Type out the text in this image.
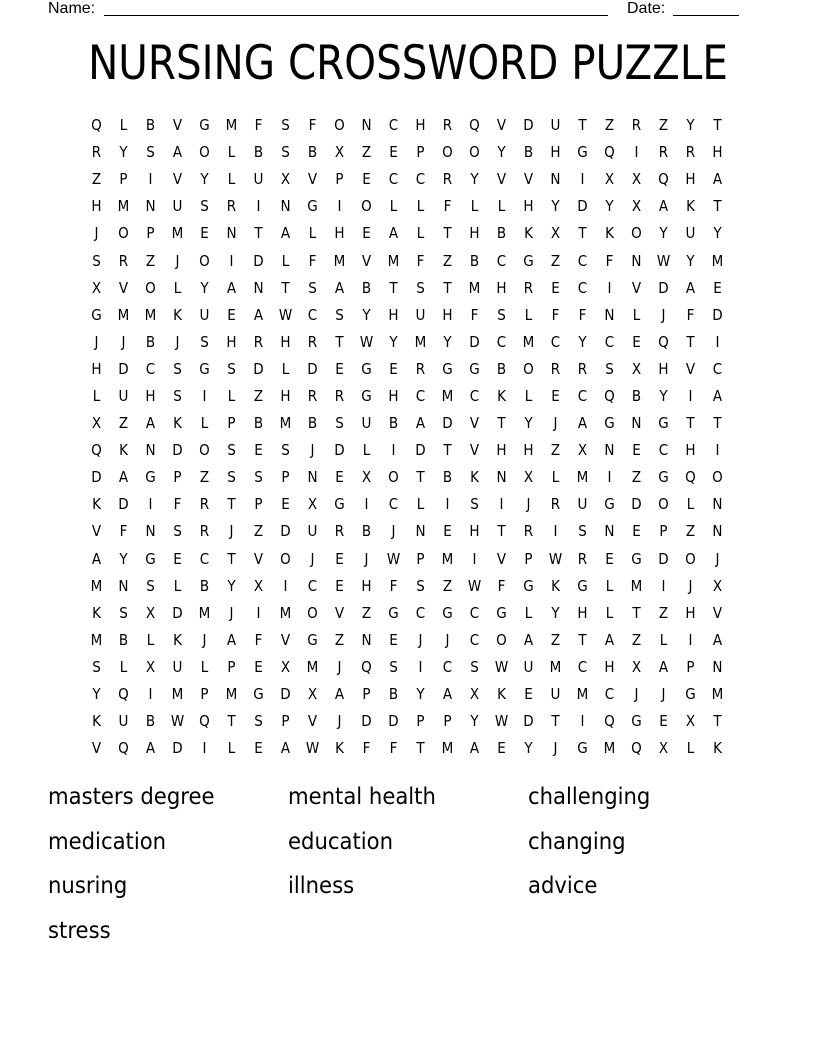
Name:	Date:
NURSING CROSSWORD PUZZLE
Q	L	B	V	G	M	F	S	F	O	N	C	H	R	Q	V	D	U	T	Z	R	Z	Y	T
R	Y	S	A	O	L	B	S	B	X	Z	E	P	O	O	Y	B	H	G	Q	I	R	R	H
Z	P	I	V	Y	L	U	X	V	P	E	C	C	R	Y	V	V	N	I	X	X	Q	H	A
H	M	N	U	S	R	I	N	G	I	O	L	L	F	L	L	H	Y	D	Y	X	A	K	T
J	O	P	M	E	N	T	A	L	H	E	A	L	T	H	B	K	X	T	K	O	Y	U	Y
S	R	Z	J	O	I	D	L	F	M	V	M	F	Z	B	C	G	Z	C	F	N	W	Y	M
X	V	O	L	Y	A	N	T	S	A	B	T	S	T	M	H	R	E	C	I	V	D	A	E
G	M	M	K	U	E	A	W	C	S	Y	H	U	H	F	S	L	F	F	N	L	J	F	D
J	J	B	J	S	H	R	H	R	T	W	Y	M	Y	D	C	M	C	Y	C	E	Q	T	I
H	D	C	S	G	S	D	L	D	E	G	E	R	G	G	B	O	R	R	S	X	H	V	C
L	U	H	S	I	L	Z	H	R	R	G	H	C	M	C	K	L	E	C	Q	B	Y	I	A
X	Z	A	K	L	P	B	M	B	S	U	B	A	D	V	T	Y	J	A	G	N	G	T	T
Q	K	N	D	O	S	E	S	J	D	L	I	D	T	V	H	H	Z	X	N	E	C	H	I
D	A	G	P	Z	S	S	P	N	E	X	O	T	B	K	N	X	L	M	I	Z	G	Q	O
K	D	I	F	R	T	P	E	X	G	I	C	L	I	S	I	J	R	U	G	D	O	L	N
V	F	N	S	R	J	Z	D	U	R	B	J	N	E	H	T	R	I	S	N	E	P	Z	N
A	Y	G	E	C	T	V	O	J	E	J	W	P	M	I	V	P	W	R	E	G	D	O	J
M	N	S	L	B	Y	X	I	C	E	H	F	S	Z	W	F	G	K	G	L	M	I	J	X
K	S	X	D	M	J	I	M	O	V	Z	G	C	G	C	G	L	Y	H	L	T	Z	H	V
M	B	L	K	J	A	F	V	G	Z	N	E	J	J	C	O	A	Z	T	A	Z	L	I	A
S	L	X	U	L	P	E	X	M	J	Q	S	I	C	S	W	U	M	C	H	X	A	P	N
Y	Q	I	M	P	M	G	D	X	A	P	B	Y	A	X	K	E	U	M	C	J	J	G	M
K	U	B	W	Q	T	S	P	V	J	D	D	P	P	Y	W	D	T	I	Q	G	E	X	T
V	Q	A	D	I	L	E	A	W	K	F	F	T	M	A	E	Y	J	G	M	Q	X	L	K
masters degree	mental health	challenging
medication	education	changing
nusring	illness	advice
stress
